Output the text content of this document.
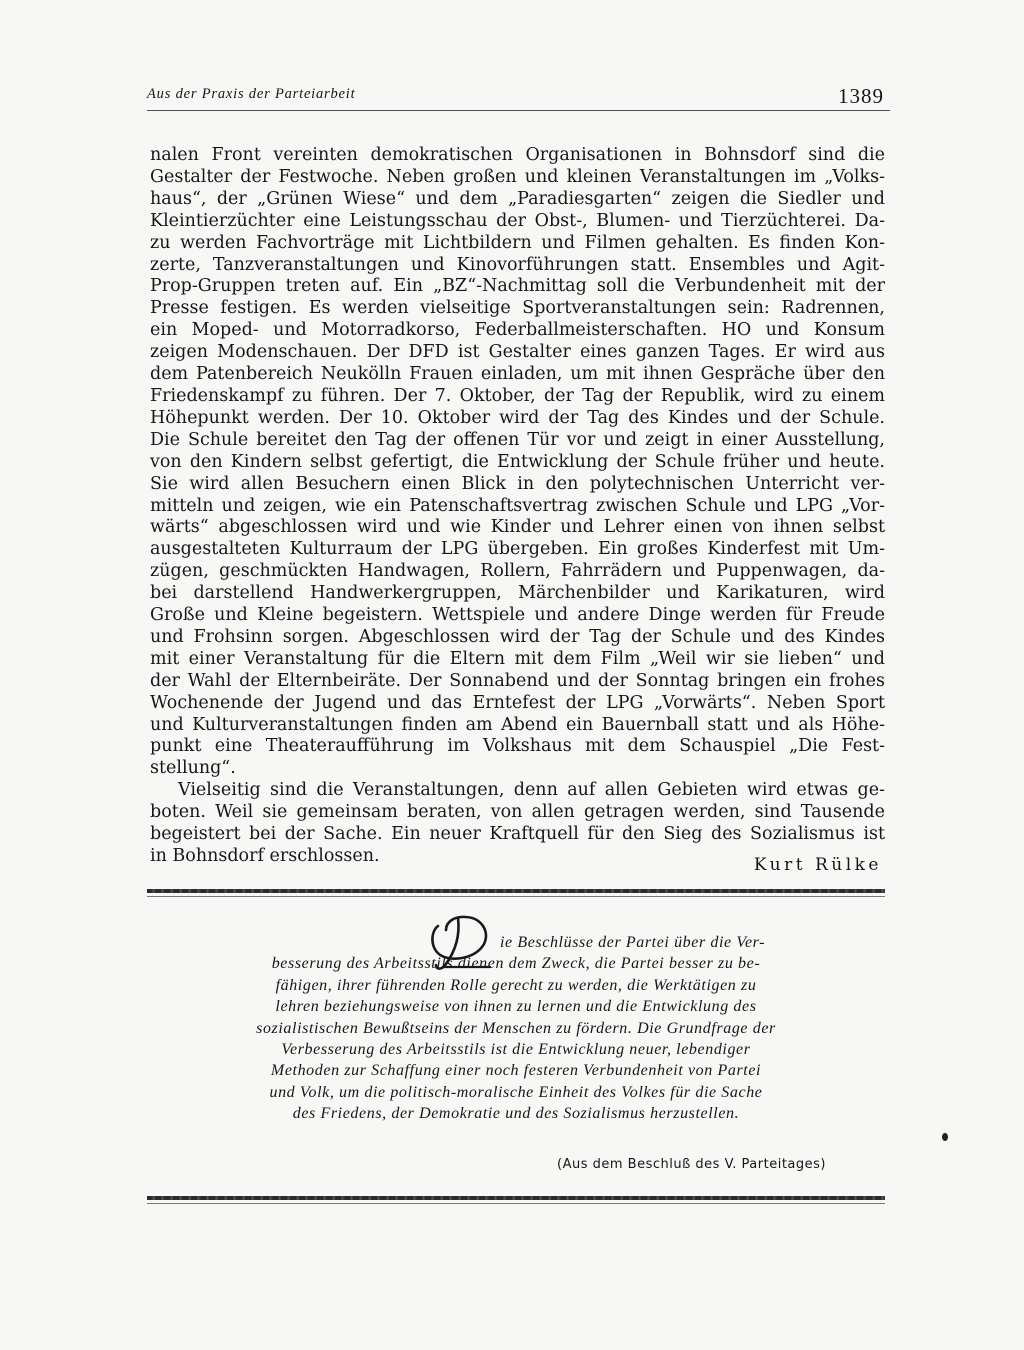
Aus der Praxis der Parteiarbeit	1389
nalen Front vereinten demokratischen Organisationen in Bohnsdorf sind die
Gestalter der Festwoche. Neben großen und kleinen Veranstaltungen im „Volks-
haus“, der „Grünen Wiese“ und dem „Paradiesgarten“ zeigen die Siedler und
Kleintierzüchter eine Leistungsschau der Obst-, Blumen- und Tierzüchterei. Da-
zu werden Fachvorträge mit Lichtbildern und Filmen gehalten. Es finden Kon-
zerte, Tanzveranstaltungen und Kinovorführungen statt. Ensembles und Agit-
Prop-Gruppen treten auf. Ein „BZ“-Nachmittag soll die Verbundenheit mit der
Presse festigen. Es werden vielseitige Sportveranstaltungen sein: Radrennen,
ein Moped- und Motorradkorso, Federballmeisterschaften. HO und Konsum
zeigen Modenschauen. Der DFD ist Gestalter eines ganzen Tages. Er wird aus
dem Patenbereich Neukölln Frauen einladen, um mit ihnen Gespräche über den
Friedenskampf zu führen. Der 7. Oktober, der Tag der Republik, wird zu einem
Höhepunkt werden. Der 10. Oktober wird der Tag des Kindes und der Schule.
Die Schule bereitet den Tag der offenen Tür vor und zeigt in einer Ausstellung,
von den Kindern selbst gefertigt, die Entwicklung der Schule früher und heute.
Sie wird allen Besuchern einen Blick in den polytechnischen Unterricht ver-
mitteln und zeigen, wie ein Patenschaftsvertrag zwischen Schule und LPG „Vor-
wärts“ abgeschlossen wird und wie Kinder und Lehrer einen von ihnen selbst
ausgestalteten Kulturraum der LPG übergeben. Ein großes Kinderfest mit Um-
zügen, geschmückten Handwagen, Rollern, Fahrrädern und Puppenwagen, da-
bei darstellend Handwerkergruppen, Märchenbilder und Karikaturen, wird
Große und Kleine begeistern. Wettspiele und andere Dinge werden für Freude
und Frohsinn sorgen. Abgeschlossen wird der Tag der Schule und des Kindes
mit einer Veranstaltung für die Eltern mit dem Film „Weil wir sie lieben“ und
der Wahl der Elternbeiräte. Der Sonnabend und der Sonntag bringen ein frohes
Wochenende der Jugend und das Erntefest der LPG „Vorwärts“. Neben Sport
und Kulturveranstaltungen finden am Abend ein Bauernball statt und als Höhe-
punkt eine Theateraufführung im Volkshaus mit dem Schauspiel „Die Fest-
stellung“.
Vielseitig sind die Veranstaltungen, denn auf allen Gebieten wird etwas ge-
boten. Weil sie gemeinsam beraten, von allen getragen werden, sind Tausende
begeistert bei der Sache. Ein neuer Kraftquell für den Sieg des Sozialismus ist
in Bohnsdorf erschlossen.	Kurt Rülke
ie Beschlüsse der Partei über die Ver-
besserung des Arbeitsstils dienen dem Zweck, die Partei besser zu be-
fähigen, ihrer führenden Rolle gerecht zu werden, die Werktätigen zu
lehren beziehungsweise von ihnen zu lernen und die Entwicklung des
sozialistischen Bewußtseins der Menschen zu fördern. Die Grundfrage der
Verbesserung des Arbeitsstils ist die Entwicklung neuer, lebendiger
Methoden zur Schaffung einer noch festeren Verbundenheit von Partei
und Volk, um die politisch-moralische Einheit des Volkes für die Sache
des Friedens, der Demokratie und des Sozialismus herzustellen.
(Aus dem Beschluß des V. Parteitages)
